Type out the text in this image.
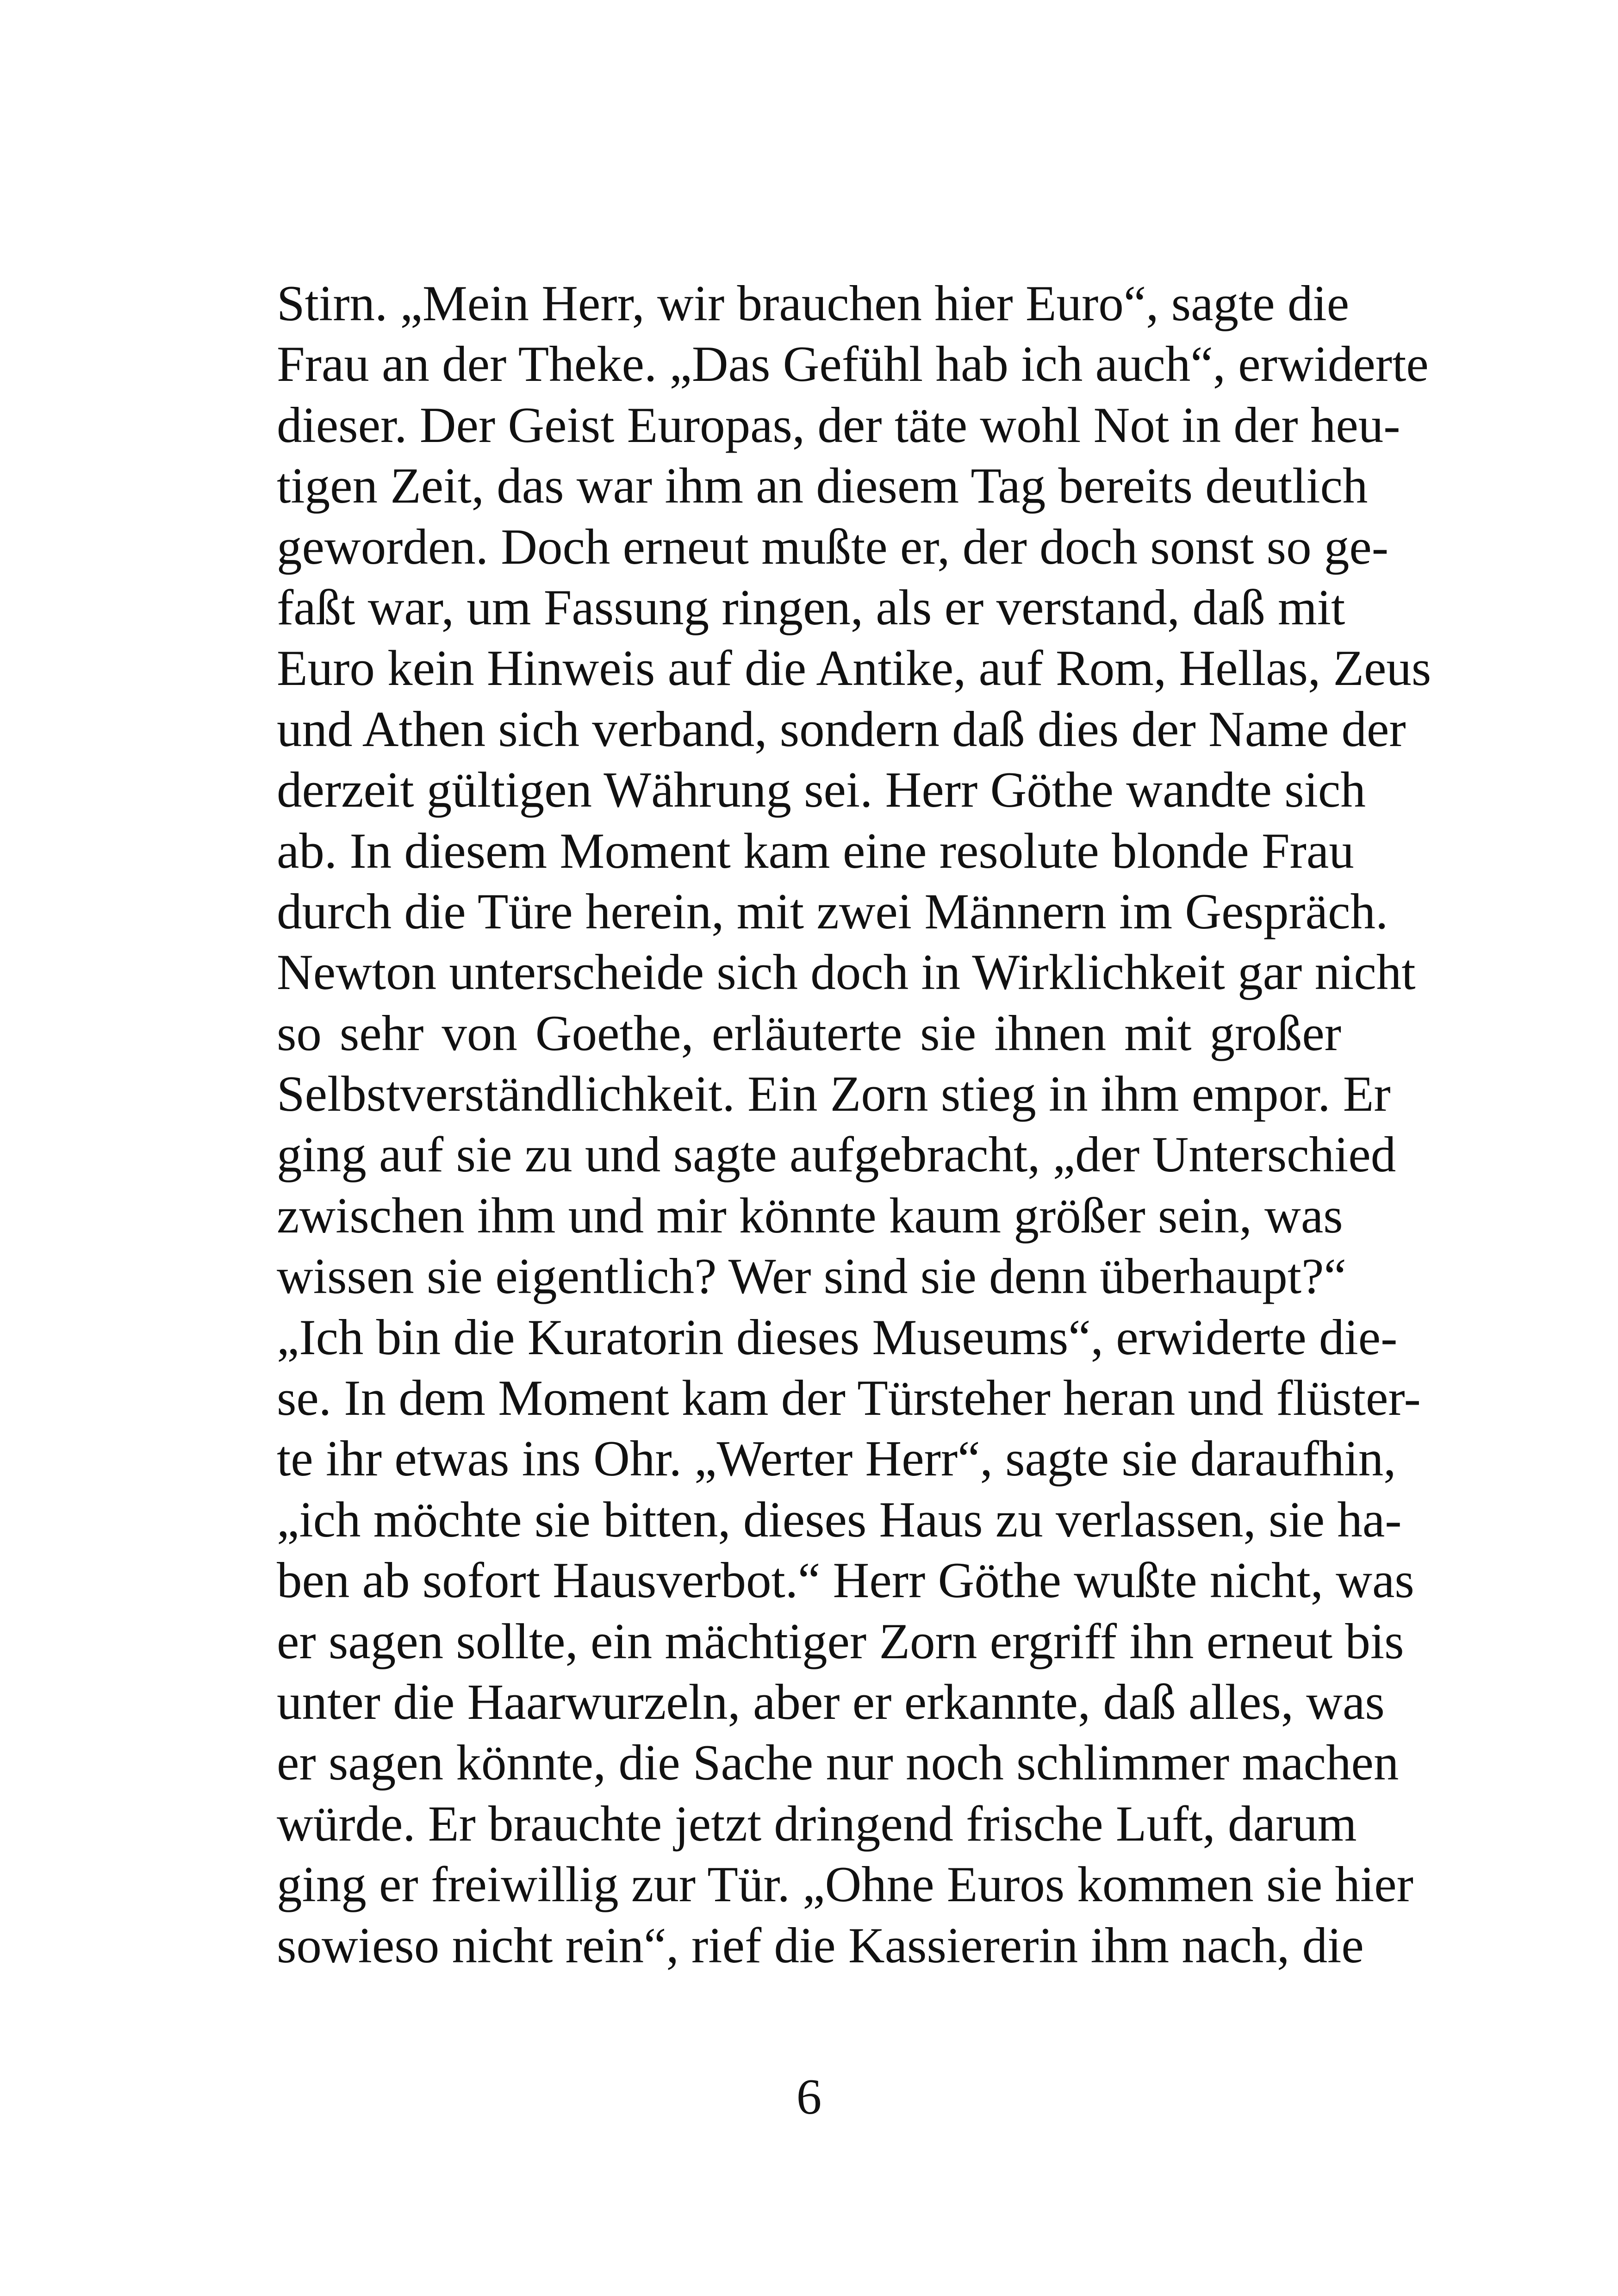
Stirn. „Mein Herr, wir brauchen hier Euro“, sagte die
Frau an der Theke. „Das Gefühl hab ich auch“, erwiderte
dieser. Der Geist Europas, der täte wohl Not in der heu-
tigen Zeit, das war ihm an diesem Tag bereits deutlich
geworden. Doch erneut mußte er, der doch sonst so ge-
faßt war, um Fassung ringen, als er verstand, daß mit
Euro kein Hinweis auf die Antike, auf Rom, Hellas, Zeus
und Athen sich verband, sondern daß dies der Name der
derzeit gültigen Währung sei. Herr Göthe wandte sich
ab. In diesem Moment kam eine resolute blonde Frau
durch die Türe herein, mit zwei Männern im Gespräch.
Newton unterscheide sich doch in Wirklichkeit gar nicht
so sehr von Goethe, erläuterte sie ihnen mit großer
Selbstverständlichkeit. Ein Zorn stieg in ihm empor. Er
ging auf sie zu und sagte aufgebracht, „der Unterschied
zwischen ihm und mir könnte kaum größer sein, was
wissen sie eigentlich? Wer sind sie denn überhaupt?“
„Ich bin die Kuratorin dieses Museums“, erwiderte die-
se. In dem Moment kam der Türsteher heran und flüster-
te ihr etwas ins Ohr. „Werter Herr“, sagte sie daraufhin,
„ich möchte sie bitten, dieses Haus zu verlassen, sie ha-
ben ab sofort Hausverbot.“ Herr Göthe wußte nicht, was
er sagen sollte, ein mächtiger Zorn ergriff ihn erneut bis
unter die Haarwurzeln, aber er erkannte, daß alles, was
er sagen könnte, die Sache nur noch schlimmer machen
würde. Er brauchte jetzt dringend frische Luft, darum
ging er freiwillig zur Tür. „Ohne Euros kommen sie hier
sowieso nicht rein“, rief die Kassiererin ihm nach, die
6
